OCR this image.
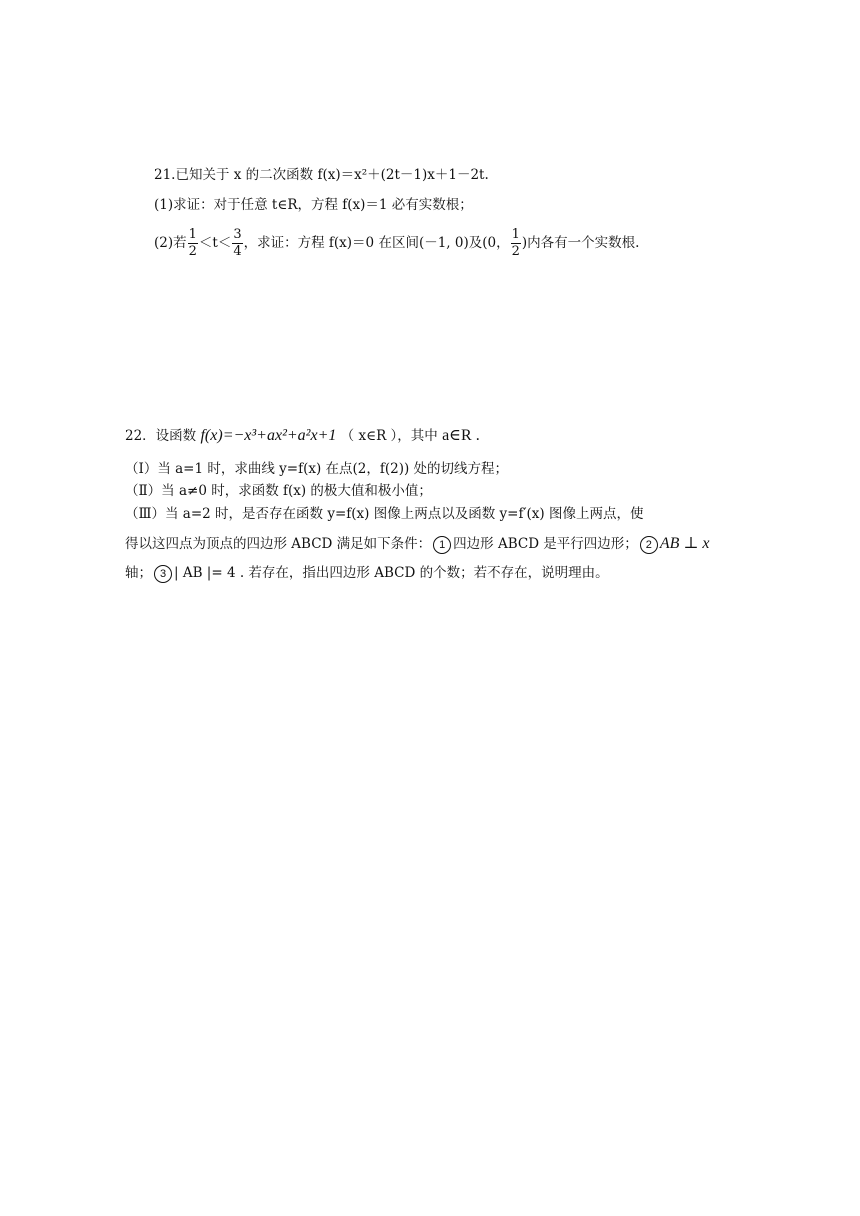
21.已知关于 x 的二次函数 f(x)＝x²＋(2t－1)x＋1－2t.
(1)求证：对于任意 t∈R，方程 f(x)＝1 必有实数根；
(2)若 $\frac{1}{2} <t< \frac{3}{4}$ ，求证：方程 f(x)＝0 在区间(－1, 0)及(0， $\frac{1}{2}$ )内各有一个实数根.
22．设函数 f(x)=−x³+ax²+a²x+1 （ x∈R ），其中 a∈R .
（Ⅰ）当 a=1 时，求曲线 y=f(x) 在点(2，f(2)) 处的切线方程；
（Ⅱ）当 a≠0 时，求函数 f(x) 的极大值和极小值；
（Ⅲ）当 a=2 时，是否存在函数 y=f(x) 图像上两点以及函数 y=f′(x) 图像上两点，使
得以这四点为顶点的四边形 ABCD 满足如下条件： 1 四边形 ABCD 是平行四边形； 2 AB ⊥ x
轴； 3 | AB |= 4 . 若存在，指出四边形 ABCD 的个数；若不存在，说明理由。
